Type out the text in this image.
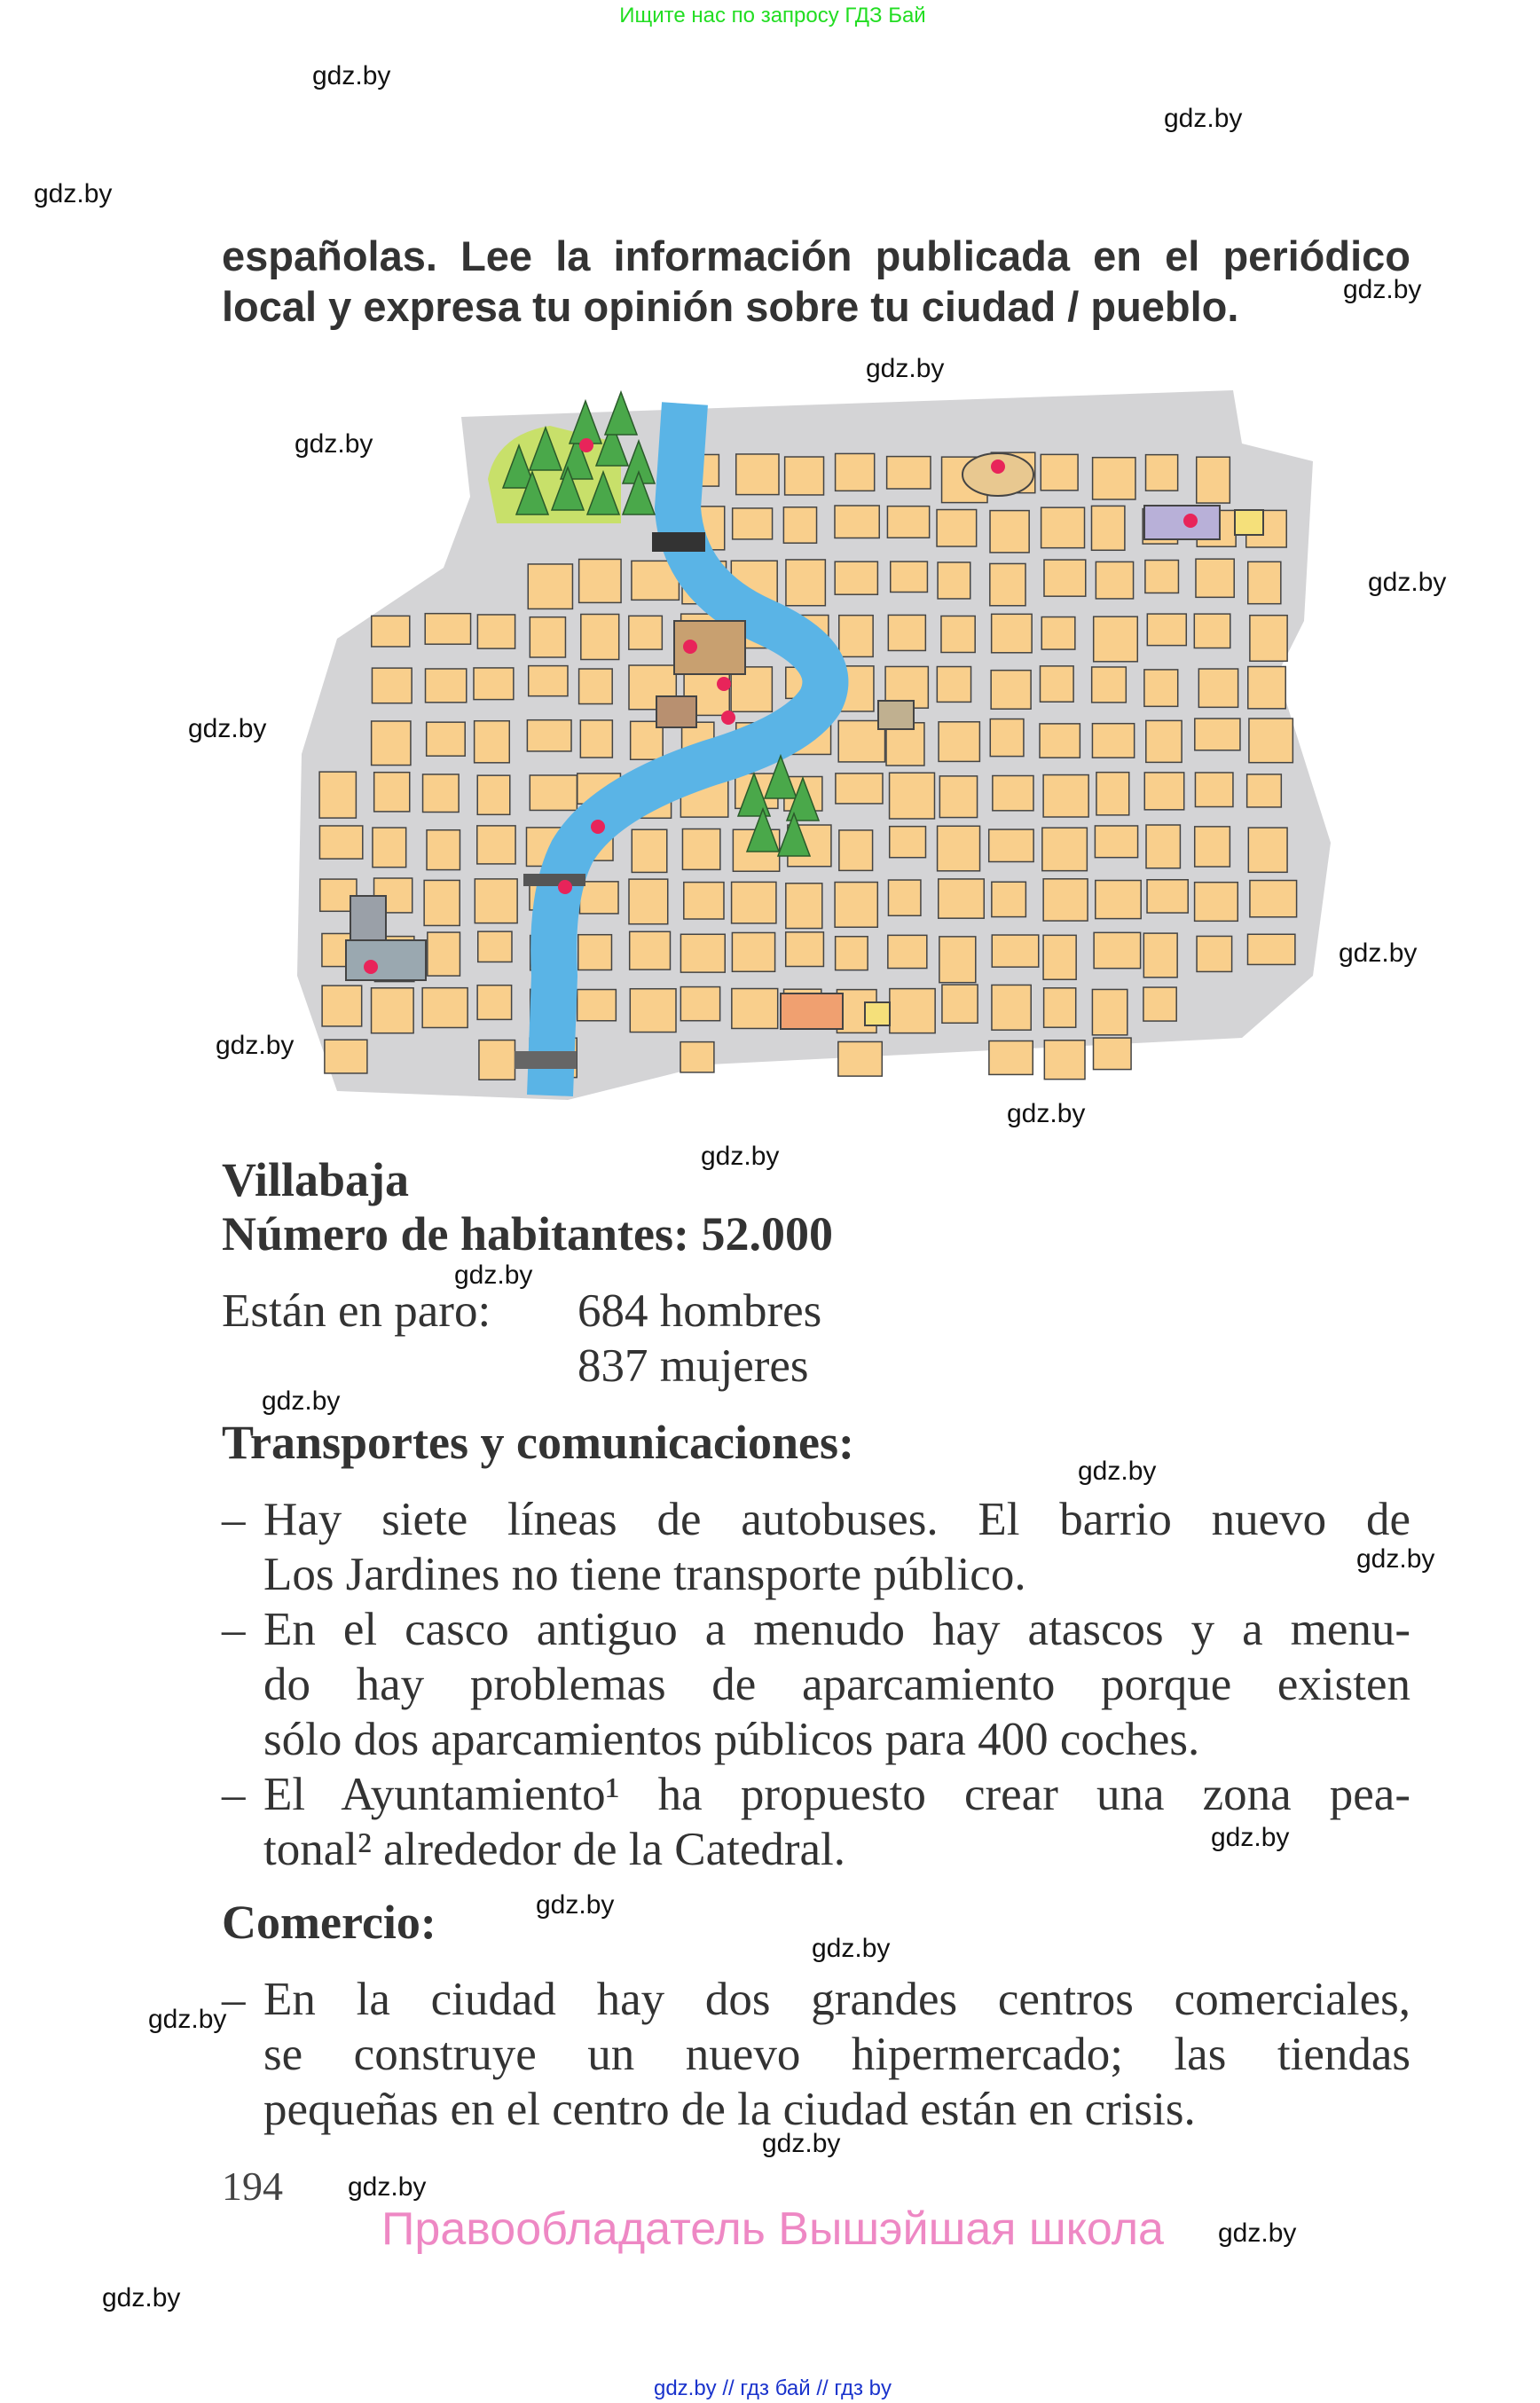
Ищите нас по запросу ГДЗ Бай
gdz.by
gdz.by
gdz.by
gdz.by
gdz.by
gdz.by
gdz.by
gdz.by
gdz.by
gdz.by
gdz.by
gdz.by
gdz.by
gdz.by
gdz.by
gdz.by
gdz.by
gdz.by
gdz.by
gdz.by
gdz.by
gdz.by
gdz.by
gdz.by
españolas. Lee la información publicada en el periódico
local y expresa tu opinión sobre tu ciudad / pueblo.
Villabaja
Número de habitantes: 52.000
Están en paro: 684 hombres
837 mujeres
Transportes y comunicaciones:
– Hay siete líneas de autobuses. El barrio nuevo de
Los Jardines no tiene transporte público.
– En el casco antiguo a menudo hay atascos y a menu-
do hay problemas de aparcamiento porque existen
sólo dos aparcamientos públicos para 400 coches.
– El Ayuntamiento¹ ha propuesto crear una zona pea-
tonal² alrededor de la Catedral.
Comercio:
– En la ciudad hay dos grandes centros comerciales,
se construye un nuevo hipermercado; las tiendas
pequeñas en el centro de la ciudad están en crisis.
194
Правообладатель Вышэйшая школа
gdz.by // гдз бай // гдз by
